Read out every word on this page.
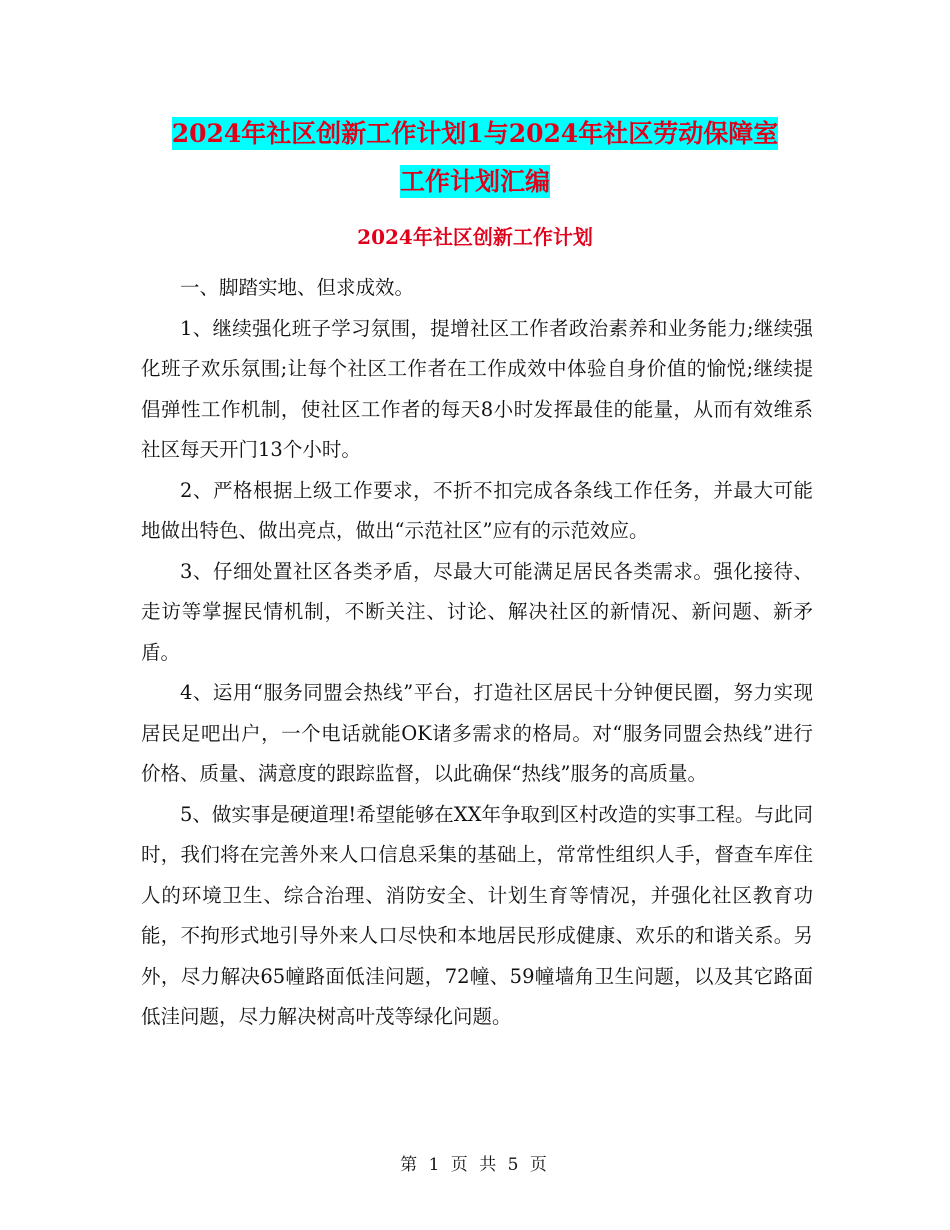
2024年社区创新工作计划1与2024年社区劳动保障室
工作计划汇编
2024年社区创新工作计划

一、脚踏实地、但求成效。

1、继续强化班子学习氛围，提增社区工作者政治素养和业务能力;继续强化班子欢乐氛围;让每个社区工作者在工作成效中体验自身价值的愉悦;继续提倡弹性工作机制，使社区工作者的每天8小时发挥最佳的能量，从而有效维系社区每天开门13个小时。

2、严格根据上级工作要求，不折不扣完成各条线工作任务，并最大可能地做出特色、做出亮点，做出“示范社区”应有的示范效应。

3、仔细处置社区各类矛盾，尽最大可能满足居民各类需求。强化接待、走访等掌握民情机制，不断关注、讨论、解决社区的新情况、新问题、新矛盾。

4、运用“服务同盟会热线”平台，打造社区居民十分钟便民圈，努力实现居民足吧出户，一个电话就能OK诸多需求的格局。对“服务同盟会热线”进行价格、质量、满意度的跟踪监督，以此确保“热线”服务的高质量。

5、做实事是硬道理!希望能够在XX年争取到区村改造的实事工程。与此同时，我们将在完善外来人口信息采集的基础上，常常性组织人手，督查车库住人的环境卫生、综合治理、消防安全、计划生育等情况，并强化社区教育功能，不拘形式地引导外来人口尽快和本地居民形成健康、欢乐的和谐关系。另外，尽力解决65幢路面低洼问题，72幢、59幢墙角卫生问题，以及其它路面低洼问题，尽力解决树高叶茂等绿化问题。

第 1 页 共 5 页
